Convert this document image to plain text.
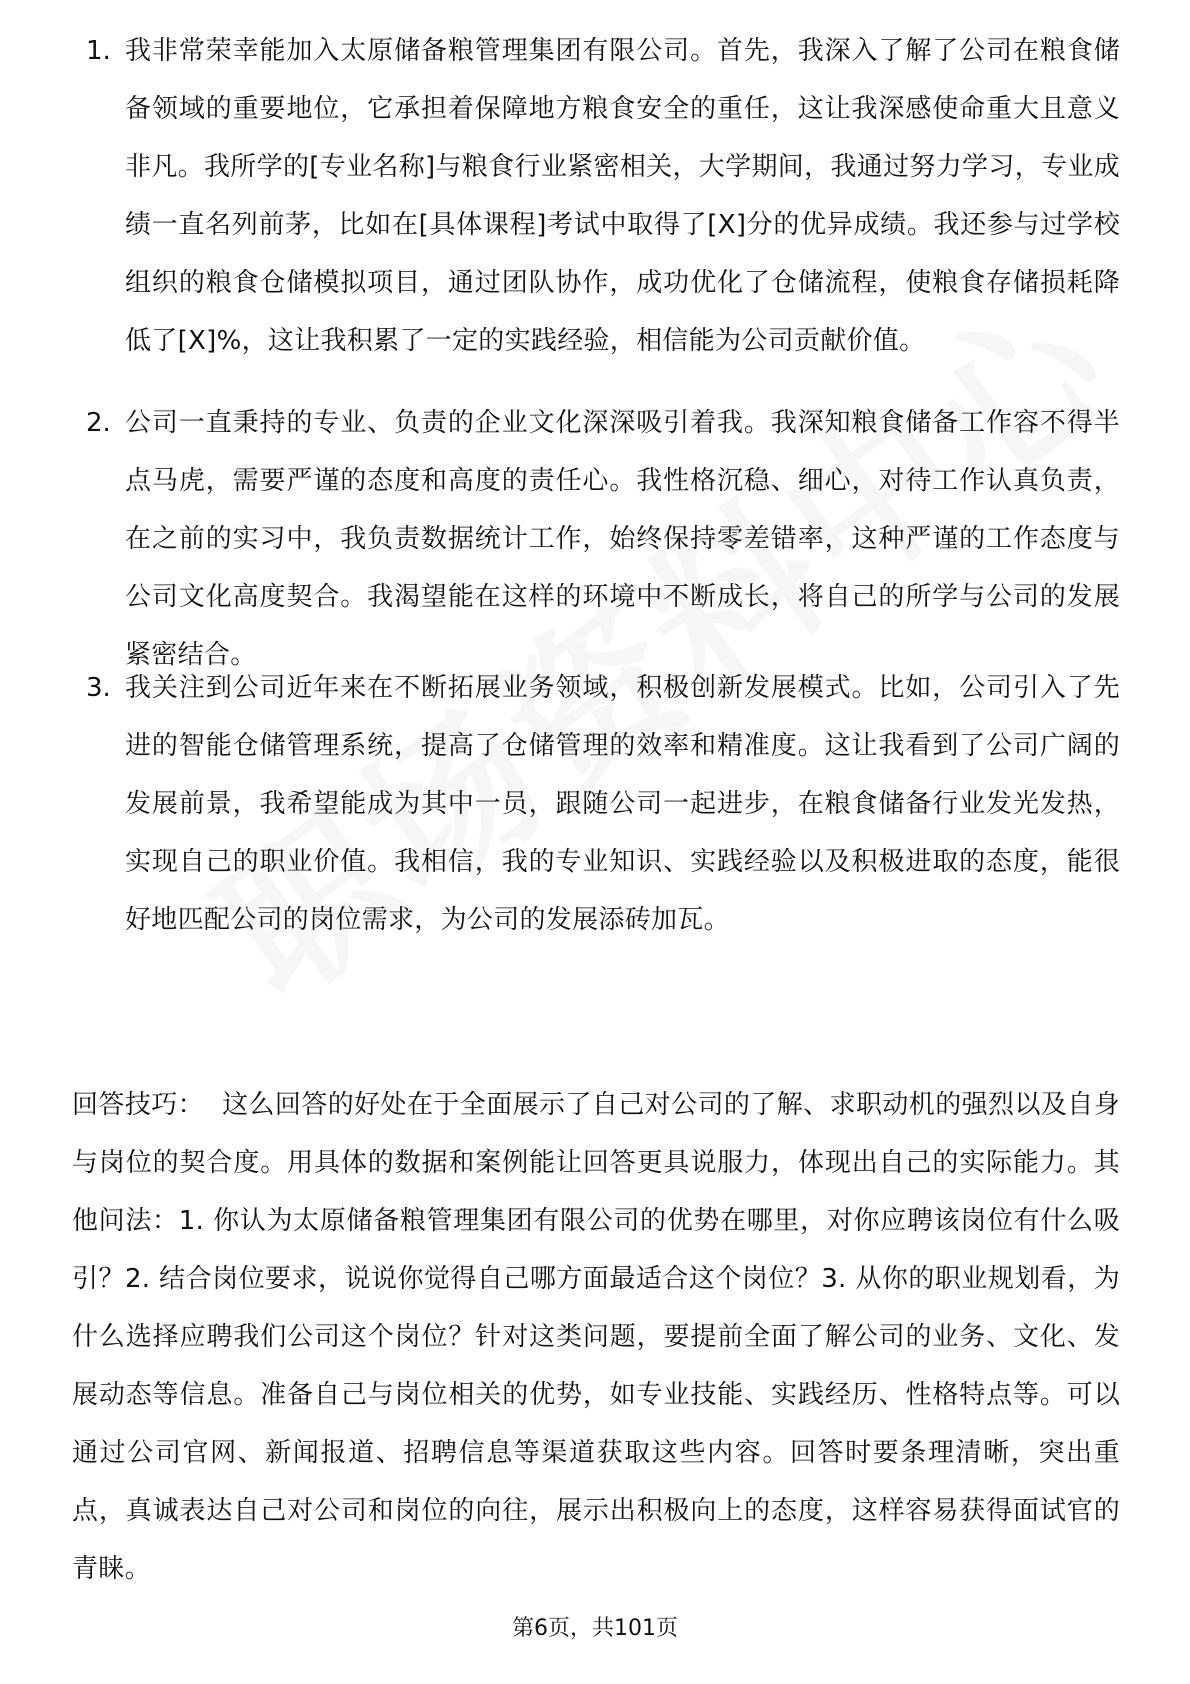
1. 我非常荣幸能加入太原储备粮管理集团有限公司。首先，我深入了解了公司在粮食储备领域的重要地位，它承担着保障地方粮食安全的重任，这让我深感使命重大且意义非凡。我所学的[专业名称]与粮食行业紧密相关，大学期间，我通过努力学习，专业成绩一直名列前茅，比如在[具体课程]考试中取得了[X]分的优异成绩。我还参与过学校组织的粮食仓储模拟项目，通过团队协作，成功优化了仓储流程，使粮食存储损耗降低了[X]%，这让我积累了一定的实践经验，相信能为公司贡献价值。
2. 公司一直秉持的专业、负责的企业文化深深吸引着我。我深知粮食储备工作容不得半点马虎，需要严谨的态度和高度的责任心。我性格沉稳、细心，对待工作认真负责，在之前的实习中，我负责数据统计工作，始终保持零差错率，这种严谨的工作态度与公司文化高度契合。我渴望能在这样的环境中不断成长，将自己的所学与公司的发展紧密结合。
3. 我关注到公司近年来在不断拓展业务领域，积极创新发展模式。比如，公司引入了先进的智能仓储管理系统，提高了仓储管理的效率和精准度。这让我看到了公司广阔的发展前景，我希望能成为其中一员，跟随公司一起进步，在粮食储备行业发光发热，实现自己的职业价值。我相信，我的专业知识、实践经验以及积极进取的态度，能很好地匹配公司的岗位需求，为公司的发展添砖加瓦。
回答技巧： 这么回答的好处在于全面展示了自己对公司的了解、求职动机的强烈以及自身与岗位的契合度。用具体的数据和案例能让回答更具说服力，体现出自己的实际能力。其他问法：1. 你认为太原储备粮管理集团有限公司的优势在哪里，对你应聘该岗位有什么吸引？2. 结合岗位要求，说说你觉得自己哪方面最适合这个岗位？3. 从你的职业规划看，为什么选择应聘我们公司这个岗位？针对这类问题，要提前全面了解公司的业务、文化、发展动态等信息。准备自己与岗位相关的优势，如专业技能、实践经历、性格特点等。可以通过公司官网、新闻报道、招聘信息等渠道获取这些内容。回答时要条理清晰，突出重点，真诚表达自己对公司和岗位的向往，展示出积极向上的态度，这样容易获得面试官的青睐。
第6页，共101页
